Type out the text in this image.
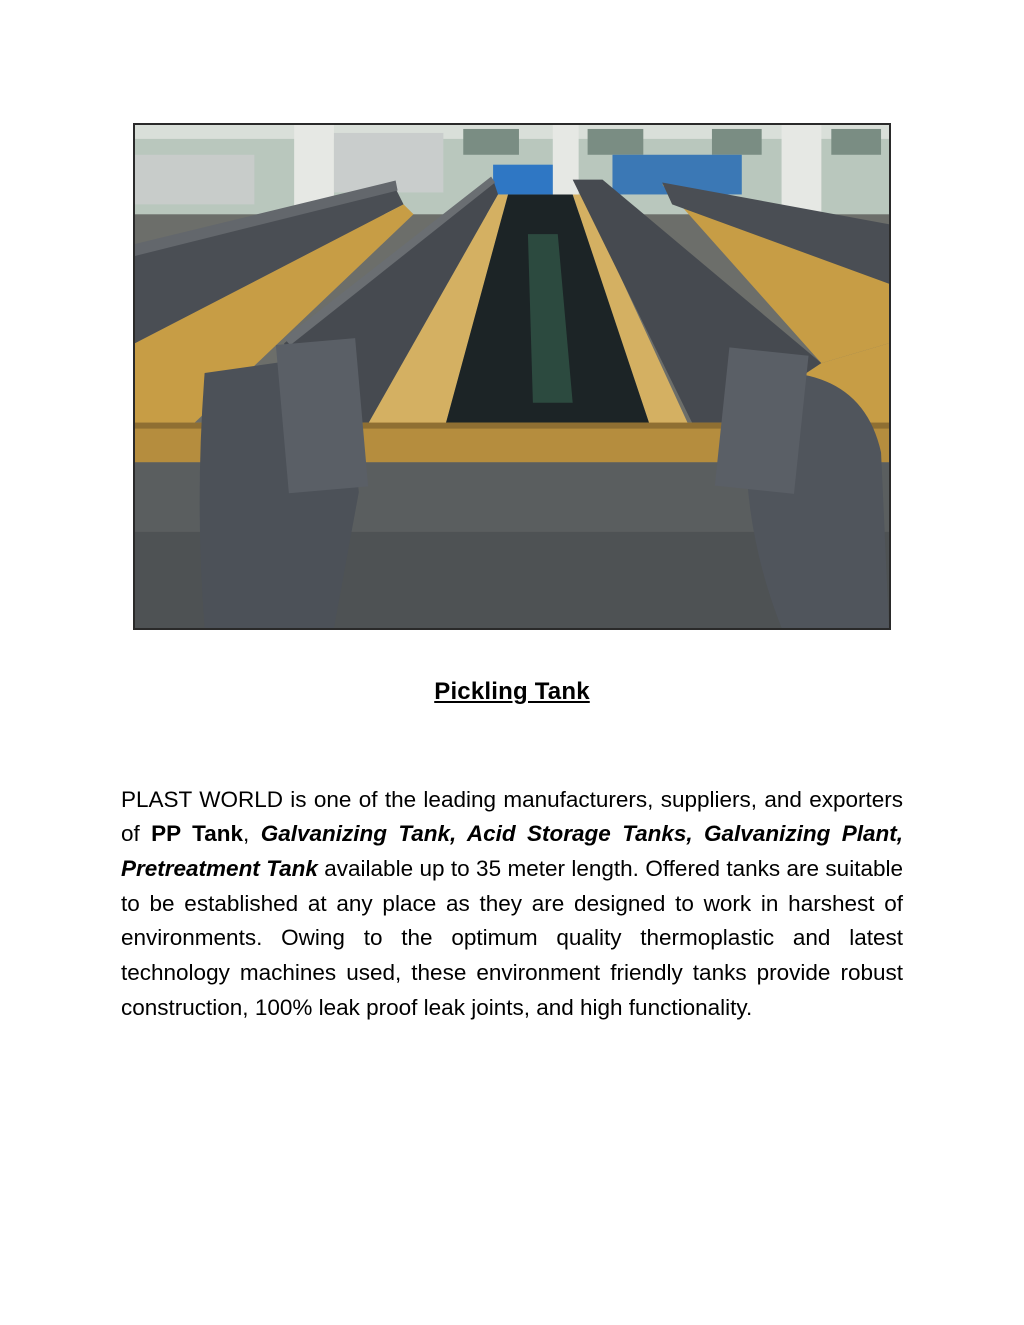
Pickling Tank

PLAST WORLD is one of the leading manufacturers, suppliers, and exporters of PP Tank, Galvanizing Tank, Acid Storage Tanks, Galvanizing Plant, Pretreatment Tank available up to 35 meter length. Offered tanks are suitable to be established at any place as they are designed to work in harshest of environments. Owing to the optimum quality thermoplastic and latest technology machines used, these environment friendly tanks provide robust construction, 100% leak proof leak joints, and high functionality.
